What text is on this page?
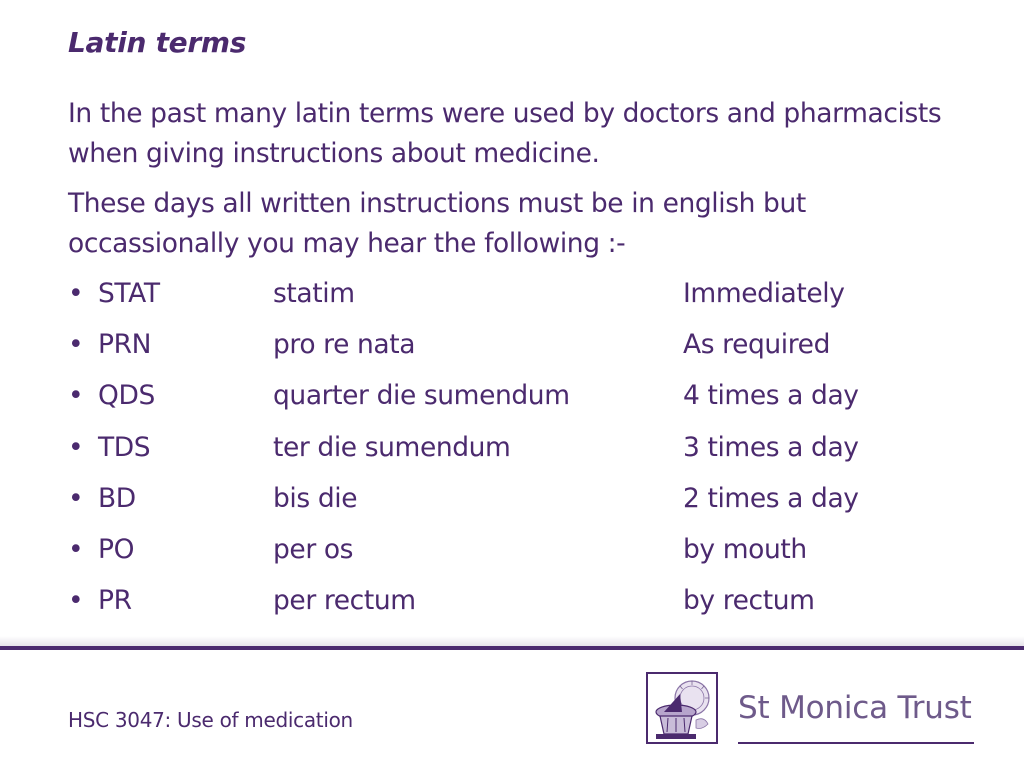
Latin terms

In the past many latin terms were used by doctors and pharmacists when giving instructions about medicine.

These days all written instructions must be in english but occassionally you may hear the following :-

• STAT	statim	Immediately
• PRN	pro re nata	As required
• QDS	quarter die sumendum	4 times a day
• TDS	ter die sumendum	3 times a day
• BD	bis die	2 times a day
• PO	per os	by mouth
• PR	per rectum	by rectum
HSC 3047: Use of medication	St Monica Trust
